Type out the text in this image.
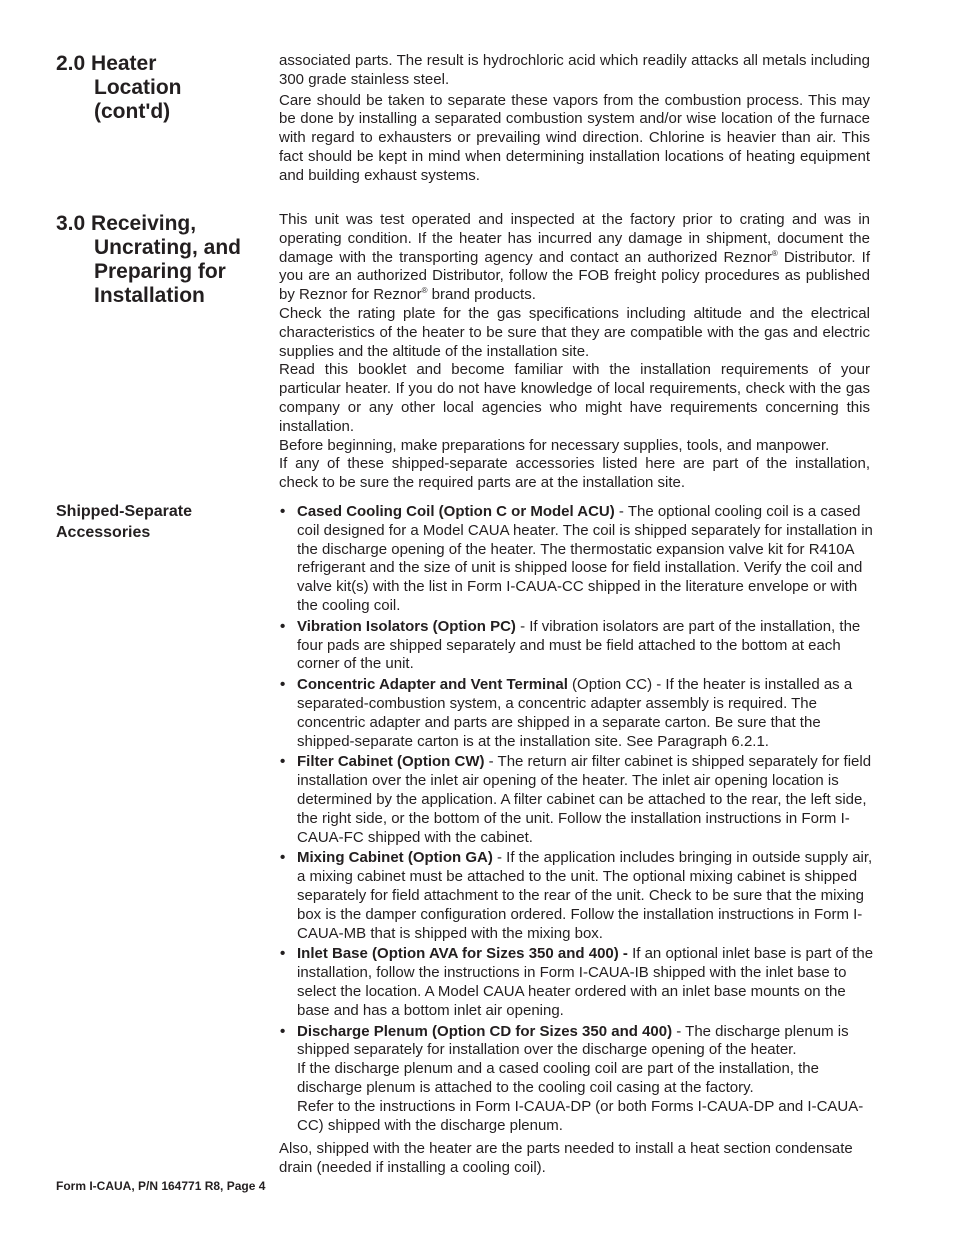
2.0 Heater
Location
(cont'd)

associated parts. The result is hydrochloric acid which readily attacks all metals including 300 grade stainless steel.

Care should be taken to separate these vapors from the combustion process. This may be done by installing a separated combustion system and/or wise location of the furnace with regard to exhausters or prevailing wind direction. Chlorine is heavier than air. This fact should be kept in mind when determining installation locations of heating equipment and building exhaust systems.

3.0 Receiving,
Uncrating, and
Preparing for
Installation

This unit was test operated and inspected at the factory prior to crating and was in operating condition. If the heater has incurred any damage in shipment, document the damage with the transporting agency and contact an authorized Reznor® Distributor. If you are an authorized Distributor, follow the FOB freight policy procedures as published by Reznor for Reznor® brand products.

Check the rating plate for the gas specifications including altitude and the electrical characteristics of the heater to be sure that they are compatible with the gas and electric supplies and the altitude of the installation site.

Read this booklet and become familiar with the installation requirements of your particular heater. If you do not have knowledge of local requirements, check with the gas company or any other local agencies who might have requirements concerning this installation.

Before beginning, make preparations for necessary supplies, tools, and manpower.

If any of these shipped-separate accessories listed here are part of the installation, check to be sure the required parts are at the installation site.

Shipped-Separate
Accessories
• Cased Cooling Coil (Option C or Model ACU) - The optional cooling coil is a cased coil designed for a Model CAUA heater. The coil is shipped separately for installation in the discharge opening of the heater. The thermostatic expansion valve kit for R410A refrigerant and the size of unit is shipped loose for field installation. Verify the coil and valve kit(s) with the list in Form I-CAUA-CC shipped in the literature envelope or with the cooling coil.
• Vibration Isolators (Option PC) - If vibration isolators are part of the installation, the four pads are shipped separately and must be field attached to the bottom at each corner of the unit.
• Concentric Adapter and Vent Terminal (Option CC) - If the heater is installed as a separated-combustion system, a concentric adapter assembly is required. The concentric adapter and parts are shipped in a separate carton. Be sure that the shipped-separate carton is at the installation site. See Paragraph 6.2.1.
• Filter Cabinet (Option CW) - The return air filter cabinet is shipped separately for field installation over the inlet air opening of the heater. The inlet air opening location is determined by the application. A filter cabinet can be attached to the rear, the left side, the right side, or the bottom of the unit. Follow the installation instructions in Form I-CAUA-FC shipped with the cabinet.
• Mixing Cabinet (Option GA) - If the application includes bringing in outside supply air, a mixing cabinet must be attached to the unit. The optional mixing cabinet is shipped separately for field attachment to the rear of the unit. Check to be sure that the mixing box is the damper configuration ordered. Follow the installation instructions in Form I-CAUA-MB that is shipped with the mixing box.
• Inlet Base (Option AVA for Sizes 350 and 400) - If an optional inlet base is part of the installation, follow the instructions in Form I-CAUA-IB shipped with the inlet base to select the location. A Model CAUA heater ordered with an inlet base mounts on the base and has a bottom inlet air opening.
• Discharge Plenum (Option CD for Sizes 350 and 400) - The discharge plenum is shipped separately for installation over the discharge opening of the heater.
If the discharge plenum and a cased cooling coil are part of the installation, the discharge plenum is attached to the cooling coil casing at the factory.
Refer to the instructions in Form I-CAUA-DP (or both Forms I-CAUA-DP and I-CAUA-CC) shipped with the discharge plenum.

Also, shipped with the heater are the parts needed to install a heat section condensate drain (needed if installing a cooling coil).

Form I-CAUA, P/N 164771 R8, Page 4
